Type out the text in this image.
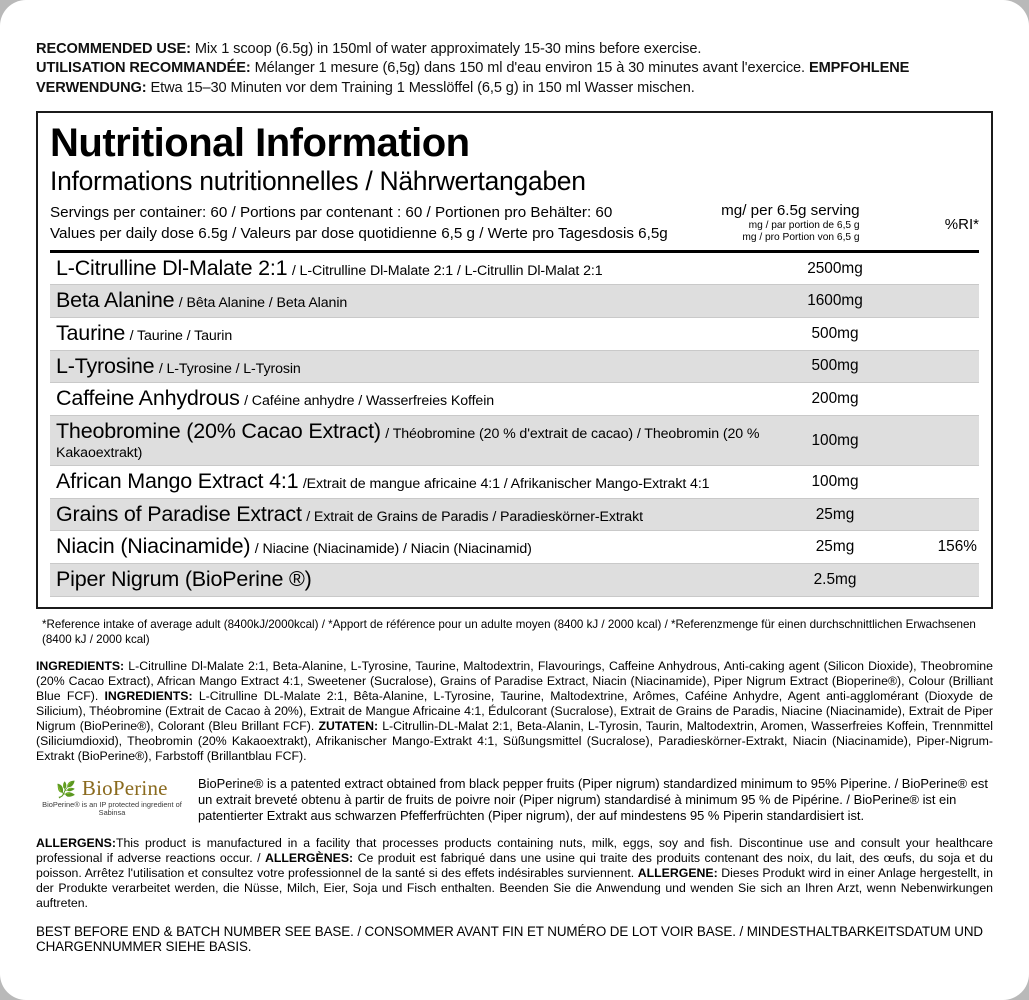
RECOMMENDED USE: Mix 1 scoop (6.5g) in 150ml of water approximately 15-30 mins before exercise.
UTILISATION RECOMMANDÉE: Mélanger 1 mesure (6,5g) dans 150 ml d'eau environ 15 à 30 minutes avant l'exercice. EMPFOHLENE VERWENDUNG: Etwa 15–30 Minuten vor dem Training 1 Messlöffel (6,5 g) in 150 ml Wasser mischen.
Nutritional Information
Informations nutritionnelles / Nährwertangaben
Servings per container: 60 / Portions par contenant : 60 / Portionen pro Behälter: 60
Values per daily dose 6.5g / Valeurs par dose quotidienne 6,5 g / Werte pro Tagesdosis 6,5g
mg/ per 6.5g serving
mg / par portion de 6,5 g
mg / pro Portion von 6,5 g
%RI*
L-Citrulline Dl-Malate 2:1 / L-Citrulline Dl-Malate 2:1 / L-Citrullin Dl-Malat 2:1	2500mg	
Beta Alanine / Bêta Alanine / Beta Alanin	1600mg	
Taurine / Taurine / Taurin	500mg	
L-Tyrosine / L-Tyrosine / L-Tyrosin	500mg	
Caffeine Anhydrous / Caféine anhydre / Wasserfreies Koffein	200mg	
Theobromine (20% Cacao Extract) / Théobromine (20 % d'extrait de cacao) / Theobromin (20 % Kakaoextrakt)	100mg	
African Mango Extract 4:1 /Extrait de mangue africaine 4:1 / Afrikanischer Mango-Extrakt 4:1	100mg	
Grains of Paradise Extract / Extrait de Grains de Paradis / Paradieskörner-Extrakt	25mg	
Niacin (Niacinamide) / Niacine (Niacinamide) / Niacin (Niacinamid)	25mg	156%
Piper Nigrum (BioPerine ®)	2.5mg	
*Reference intake of average adult (8400kJ/2000kcal) / *Apport de référence pour un adulte moyen (8400 kJ / 2000 kcal) / *Referenzmenge für einen durchschnittlichen Erwachsenen (8400 kJ / 2000 kcal)
INGREDIENTS: L-Citrulline Dl-Malate 2:1, Beta-Alanine, L-Tyrosine, Taurine, Maltodextrin, Flavourings, Caffeine Anhydrous, Anti-caking agent (Silicon Dioxide), Theobromine (20% Cacao Extract), African Mango Extract 4:1, Sweetener (Sucralose), Grains of Paradise Extract, Niacin (Niacinamide), Piper Nigrum Extract (Bioperine®), Colour (Brilliant Blue FCF). INGREDIENTS: L-Citrulline DL-Malate 2:1, Bêta-Alanine, L-Tyrosine, Taurine, Maltodextrine, Arômes, Caféine Anhydre, Agent anti-agglomérant (Dioxyde de Silicium), Théobromine (Extrait de Cacao à 20%), Extrait de Mangue Africaine 4:1, Édulcorant (Sucralose), Extrait de Grains de Paradis, Niacine (Niacinamide), Extrait de Piper Nigrum (BioPerine®), Colorant (Bleu Brillant FCF). ZUTATEN: L-Citrullin-DL-Malat 2:1, Beta-Alanin, L-Tyrosin, Taurin, Maltodextrin, Aromen, Wasserfreies Koffein, Trennmittel (Siliciumdioxid), Theobromin (20% Kakaoextrakt), Afrikanischer Mango-Extrakt 4:1, Süßungsmittel (Sucralose), Paradieskörner-Extrakt, Niacin (Niacinamide), Piper-Nigrum-Extrakt (BioPerine®), Farbstoff (Brillantblau FCF).
🌿 BioPerine
BioPerine® is an IP protected ingredient of Sabinsa
BioPerine® is a patented extract obtained from black pepper fruits (Piper nigrum) standardized minimum to 95% Piperine. / BioPerine® est un extrait breveté obtenu à partir de fruits de poivre noir (Piper nigrum) standardisé à minimum 95 % de Pipérine. / BioPerine® ist ein patentierter Extrakt aus schwarzen Pfefferfrüchten (Piper nigrum), der auf mindestens 95 % Piperin standardisiert ist.
ALLERGENS:This product is manufactured in a facility that processes products containing nuts, milk, eggs, soy and fish. Discontinue use and consult your healthcare professional if adverse reactions occur. / ALLERGÈNES: Ce produit est fabriqué dans une usine qui traite des produits contenant des noix, du lait, des œufs, du soja et du poisson. Arrêtez l'utilisation et consultez votre professionnel de la santé si des effets indésirables surviennent. ALLERGENE: Dieses Produkt wird in einer Anlage hergestellt, in der Produkte verarbeitet werden, die Nüsse, Milch, Eier, Soja und Fisch enthalten. Beenden Sie die Anwendung und wenden Sie sich an Ihren Arzt, wenn Nebenwirkungen auftreten.
BEST BEFORE END & BATCH NUMBER SEE BASE. / CONSOMMER AVANT FIN ET NUMÉRO DE LOT VOIR BASE. / MINDESTHALTBARKEITSDATUM UND CHARGENNUMMER SIEHE BASIS.
